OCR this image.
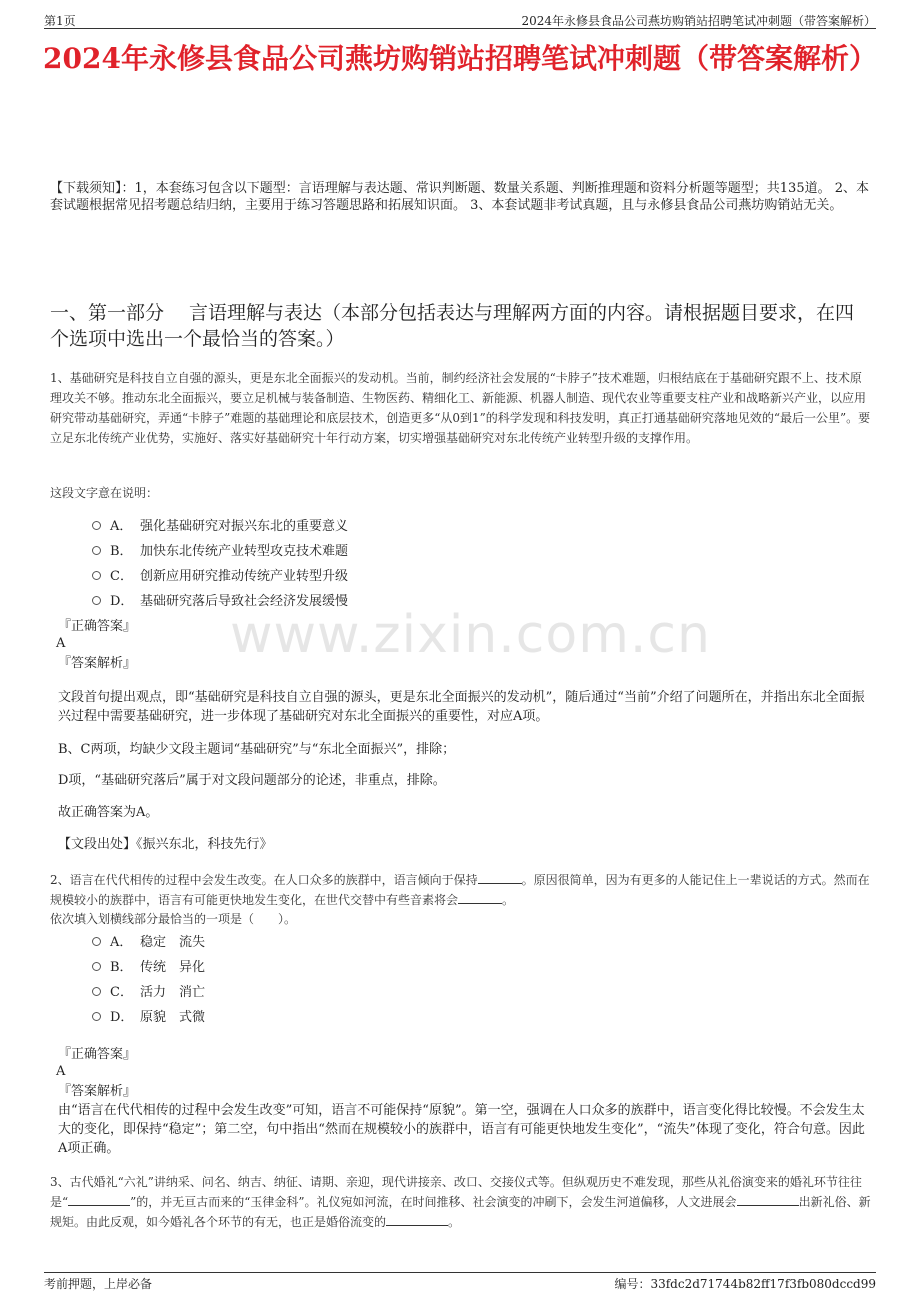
第1页	2024年永修县食品公司燕坊购销站招聘笔试冲刺题（带答案解析）
2024年永修县食品公司燕坊购销站招聘笔试冲刺题（带答案解析）
【下载须知】：1，本套练习包含以下题型：言语理解与表达题、常识判断题、数量关系题、判断推理题和资料分析题等题型；共135道。 2、本套试题根据常见招考题总结归纳，主要用于练习答题思路和拓展知识面。 3、本套试题非考试真题，且与永修县食品公司燕坊购销站无关。
一、第一部分　 言语理解与表达（本部分包括表达与理解两方面的内容。请根据题目要求，在四个选项中选出一个最恰当的答案。）
www.zixin.com.cn
1、基础研究是科技自立自强的源头，更是东北全面振兴的发动机。当前，制约经济社会发展的“卡脖子”技术难题，归根结底在于基础研究跟不上、技术原理攻关不够。推动东北全面振兴，要立足机械与装备制造、生物医药、精细化工、新能源、机器人制造、现代农业等重要支柱产业和战略新兴产业，以应用研究带动基础研究，弄通“卡脖子”难题的基础理论和底层技术，创造更多“从0到1”的科学发现和科技发明，真正打通基础研究落地见效的“最后一公里”。要立足东北传统产业优势，实施好、落实好基础研究十年行动方案，切实增强基础研究对东北传统产业转型升级的支撑作用。
这段文字意在说明：
A． 强化基础研究对振兴东北的重要意义
B． 加快东北传统产业转型攻克技术难题
C． 创新应用研究推动传统产业转型升级
D． 基础研究落后导致社会经济发展缓慢
『正确答案』
A
『答案解析』
文段首句提出观点，即“基础研究是科技自立自强的源头，更是东北全面振兴的发动机”，随后通过“当前”介绍了问题所在，并指出东北全面振兴过程中需要基础研究，进一步体现了基础研究对东北全面振兴的重要性，对应A项。
B、C两项，均缺少文段主题词“基础研究”与“东北全面振兴”，排除；
D项，“基础研究落后”属于对文段问题部分的论述，非重点，排除。
故正确答案为A。
【文段出处】《振兴东北，科技先行》
2、语言在代代相传的过程中会发生改变。在人口众多的族群中，语言倾向于保持	。原因很简单，因为有更多的人能记住上一辈说话的方式。然而在规模较小的族群中，语言有可能更快地发生变化，在世代交替中有些音素将会	。
依次填入划横线部分最恰当的一项是（　　）。
A． 稳定　流失
B． 传统　异化
C． 活力　消亡
D． 原貌　式微
『正确答案』
A
『答案解析』
由“语言在代代相传的过程中会发生改变”可知，语言不可能保持“原貌”。第一空，强调在人口众多的族群中，语言变化得比较慢。不会发生太大的变化，即保持“稳定”；第二空，句中指出“然而在规模较小的族群中，语言有可能更快地发生变化”，“流失”体现了变化，符合句意。因此A项正确。
3、古代婚礼“六礼”讲纳采、问名、纳吉、纳征、请期、亲迎，现代讲接亲、改口、交接仪式等。但纵观历史不难发现，那些从礼俗演变来的婚礼环节往往是“	”的，并无亘古而来的“玉律金科”。礼仪宛如河流，在时间推移、社会演变的冲刷下，会发生河道偏移，人文进展会	出新礼俗、新规矩。由此反观，如今婚礼各个环节的有无，也正是婚俗流变的	。
考前押题，上岸必备	编号：33fdc2d71744b82ff17f3fb080dccd99
